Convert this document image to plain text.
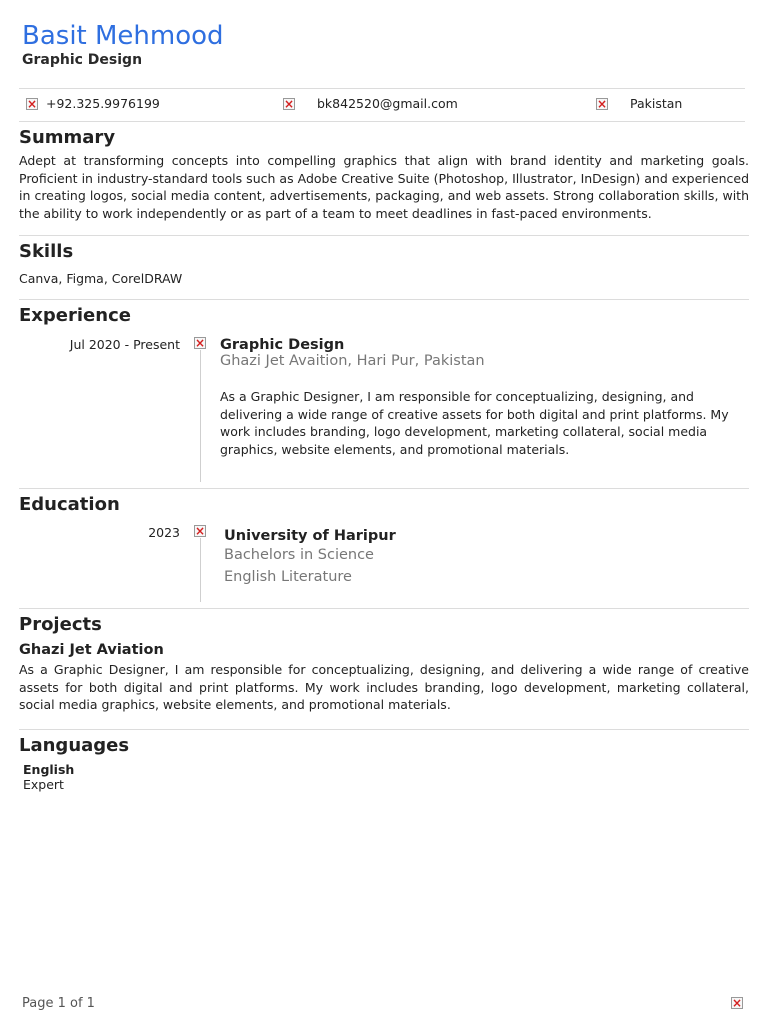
Basit Mehmood
Graphic Design
×
+92.325.9976199 ×	bk842520@gmail.com ×	Pakistan
Summary
Adept at transforming concepts into compelling graphics that align with brand identity and marketing goals. Proficient in industry-standard tools such as Adobe Creative Suite (Photoshop, Illustrator, InDesign) and experienced in creating logos, social media content, advertisements, packaging, and web assets. Strong collaboration skills, with the ability to work independently or as part of a team to meet deadlines in fast-paced environments.
Skills
Canva, Figma, CorelDRAW
Experience
Jul 2020 - Present ×	Graphic Design
Ghazi Jet Avaition, Hari Pur, Pakistan
As a Graphic Designer, I am responsible for conceptualizing, designing, and delivering a wide range of creative assets for both digital and print platforms. My work includes branding, logo development, marketing collateral, social media graphics, website elements, and promotional materials.
Education
2023 ×	University of Haripur
Bachelors in Science
English Literature
Projects
Ghazi Jet Aviation
As a Graphic Designer, I am responsible for conceptualizing, designing, and delivering a wide range of creative assets for both digital and print platforms. My work includes branding, logo development, marketing collateral, social media graphics, website elements, and promotional materials.
Languages
English
Expert
Page 1 of 1
×
